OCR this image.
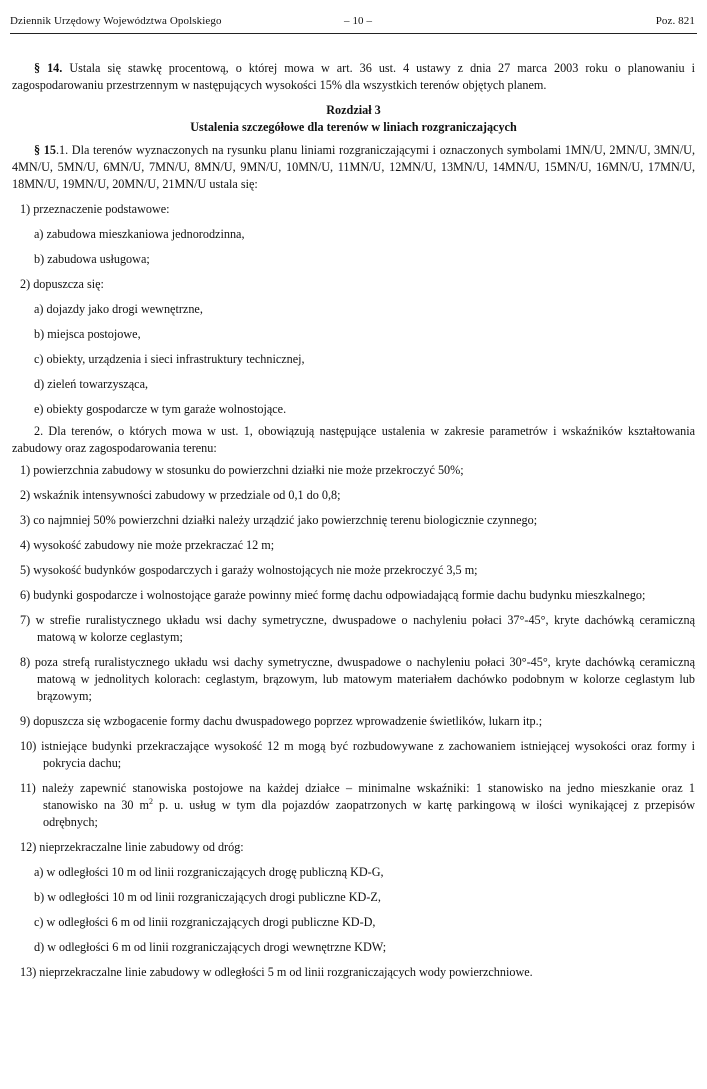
Dziennik Urzędowy Województwa Opolskiego	– 10 –	Poz. 821

§ 14. Ustala się stawkę procentową, o której mowa w art. 36 ust. 4 ustawy z dnia 27 marca 2003 roku o planowaniu i zagospodarowaniu przestrzennym w następujących wysokości 15% dla wszystkich terenów objętych planem.

Rozdział 3

Ustalenia szczegółowe dla terenów w liniach rozgraniczających

§ 15.1. Dla terenów wyznaczonych na rysunku planu liniami rozgraniczającymi i oznaczonych symbolami 1MN/U, 2MN/U, 3MN/U, 4MN/U, 5MN/U, 6MN/U, 7MN/U, 8MN/U, 9MN/U, 10MN/U, 11MN/U, 12MN/U, 13MN/U, 14MN/U, 15MN/U, 16MN/U, 17MN/U, 18MN/U, 19MN/U, 20MN/U, 21MN/U ustala się:

1) przeznaczenie podstawowe:

a) zabudowa mieszkaniowa jednorodzinna,

b) zabudowa usługowa;

2) dopuszcza się:

a) dojazdy jako drogi wewnętrzne,

b) miejsca postojowe,

c) obiekty, urządzenia i sieci infrastruktury technicznej,

d) zieleń towarzysząca,

e) obiekty gospodarcze w tym garaże wolnostojące.

2. Dla terenów, o których mowa w ust. 1, obowiązują następujące ustalenia w zakresie parametrów i wskaźników kształtowania zabudowy oraz zagospodarowania terenu:

1) powierzchnia zabudowy w stosunku do powierzchni działki nie może przekroczyć 50%;

2) wskaźnik intensywności zabudowy w przedziale od 0,1 do 0,8;

3) co najmniej 50% powierzchni działki należy urządzić jako powierzchnię terenu biologicznie czynnego;

4) wysokość zabudowy nie może przekraczać 12 m;

5) wysokość budynków gospodarczych i garaży wolnostojących nie może przekroczyć 3,5 m;

6) budynki gospodarcze i wolnostojące garaże powinny mieć formę dachu odpowiadającą formie dachu budynku mieszkalnego;

7) w strefie ruralistycznego układu wsi dachy symetryczne, dwuspadowe o nachyleniu połaci 37°-45°, kryte dachówką ceramiczną matową w kolorze ceglastym;

8) poza strefą ruralistycznego układu wsi dachy symetryczne, dwuspadowe o nachyleniu połaci 30°-45°, kryte dachówką ceramiczną matową w jednolitych kolorach: ceglastym, brązowym, lub matowym materiałem dachówko podobnym w kolorze ceglastym lub brązowym;

9) dopuszcza się wzbogacenie formy dachu dwuspadowego poprzez wprowadzenie świetlików, lukarn itp.;

10) istniejące budynki przekraczające wysokość 12 m mogą być rozbudowywane z zachowaniem istniejącej wysokości oraz formy i pokrycia dachu;

11) należy zapewnić stanowiska postojowe na każdej działce – minimalne wskaźniki: 1 stanowisko na jedno mieszkanie oraz 1 stanowisko na 30 $m^2$ p. u. usług w tym dla pojazdów zaopatrzonych w kartę parkingową w ilości wynikającej z przepisów odrębnych;

12) nieprzekraczalne linie zabudowy od dróg:

a) w odległości 10 m od linii rozgraniczających drogę publiczną KD-G,

b) w odległości 10 m od linii rozgraniczających drogi publiczne KD-Z,

c) w odległości 6 m od linii rozgraniczających drogi publiczne KD-D,

d) w odległości 6 m od linii rozgraniczających drogi wewnętrzne KDW;

13) nieprzekraczalne linie zabudowy w odległości 5 m od linii rozgraniczających wody powierzchniowe.
